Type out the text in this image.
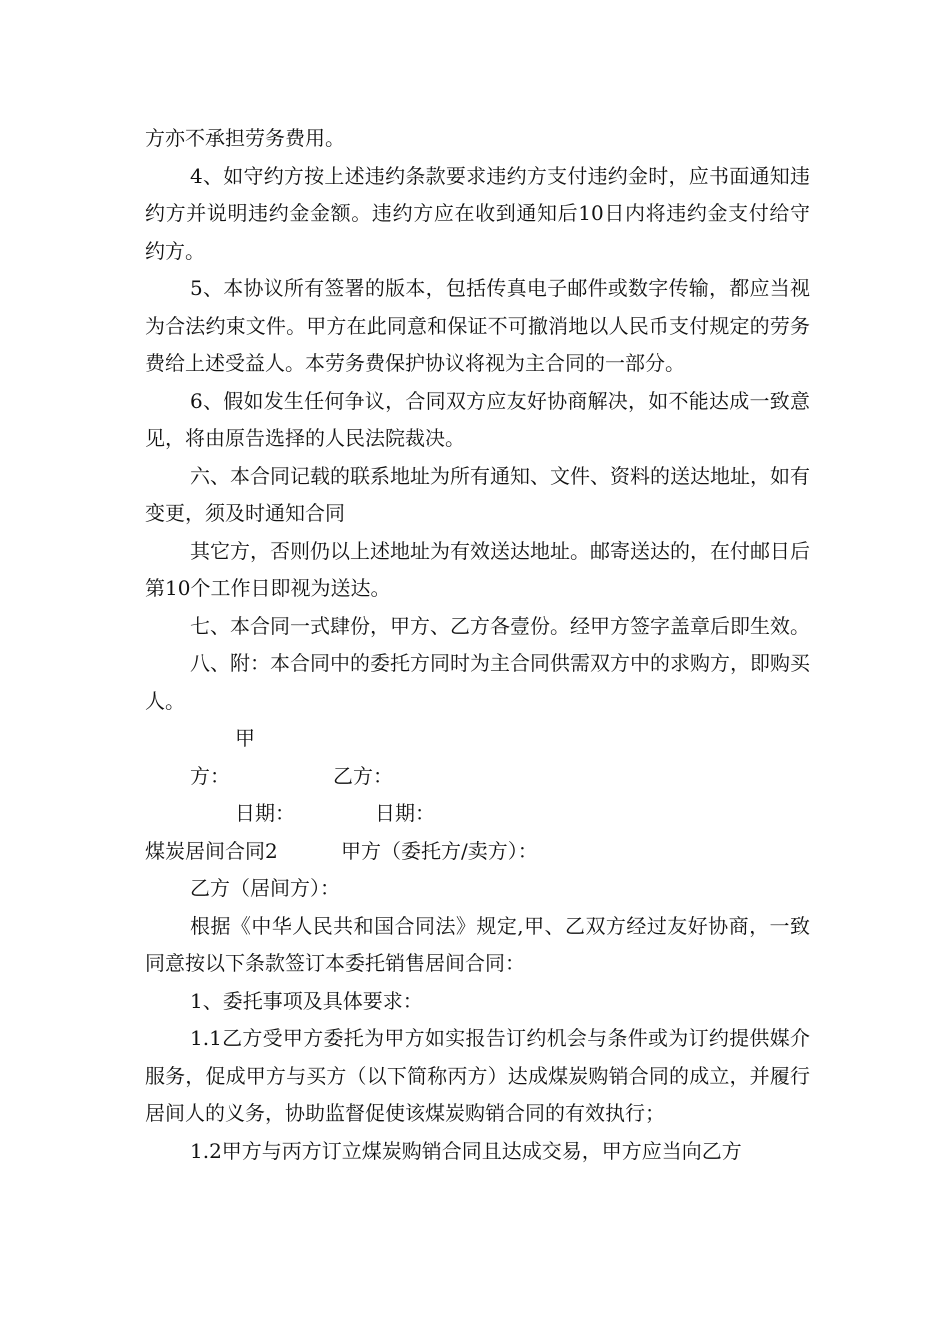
方亦不承担劳务费用。

4、如守约方按上述违约条款要求违约方支付违约金时，应书面通知违约方并说明违约金金额。违约方应在收到通知后10日内将违约金支付给守约方。

5、本协议所有签署的版本，包括传真电子邮件或数字传输，都应当视为合法约束文件。甲方在此同意和保证不可撤消地以人民币支付规定的劳务费给上述受益人。本劳务费保护协议将视为主合同的一部分。

6、假如发生任何争议，合同双方应友好协商解决，如不能达成一致意见，将由原告选择的人民法院裁决。

六、本合同记载的联系地址为所有通知、文件、资料的送达地址，如有变更，须及时通知合同

其它方，否则仍以上述地址为有效送达地址。邮寄送达的，在付邮日后第10个工作日即视为送达。

七、本合同一式肆份，甲方、乙方各壹份。经甲方签字盖章后即生效。

八、附：本合同中的委托方同时为主合同供需双方中的求购方，即购买人。

甲方：	乙方：

日期：	日期：

煤炭居间合同2	甲方（委托方/卖方）：

乙方（居间方）：

根据《中华人民共和国合同法》规定,甲、乙双方经过友好协商，一致同意按以下条款签订本委托销售居间合同：

1、委托事项及具体要求：

1.1乙方受甲方委托为甲方如实报告订约机会与条件或为订约提供媒介服务，促成甲方与买方（以下简称丙方）达成煤炭购销合同的成立，并履行居间人的义务，协助监督促使该煤炭购销合同的有效执行；

1.2甲方与丙方订立煤炭购销合同且达成交易，甲方应当向乙方
